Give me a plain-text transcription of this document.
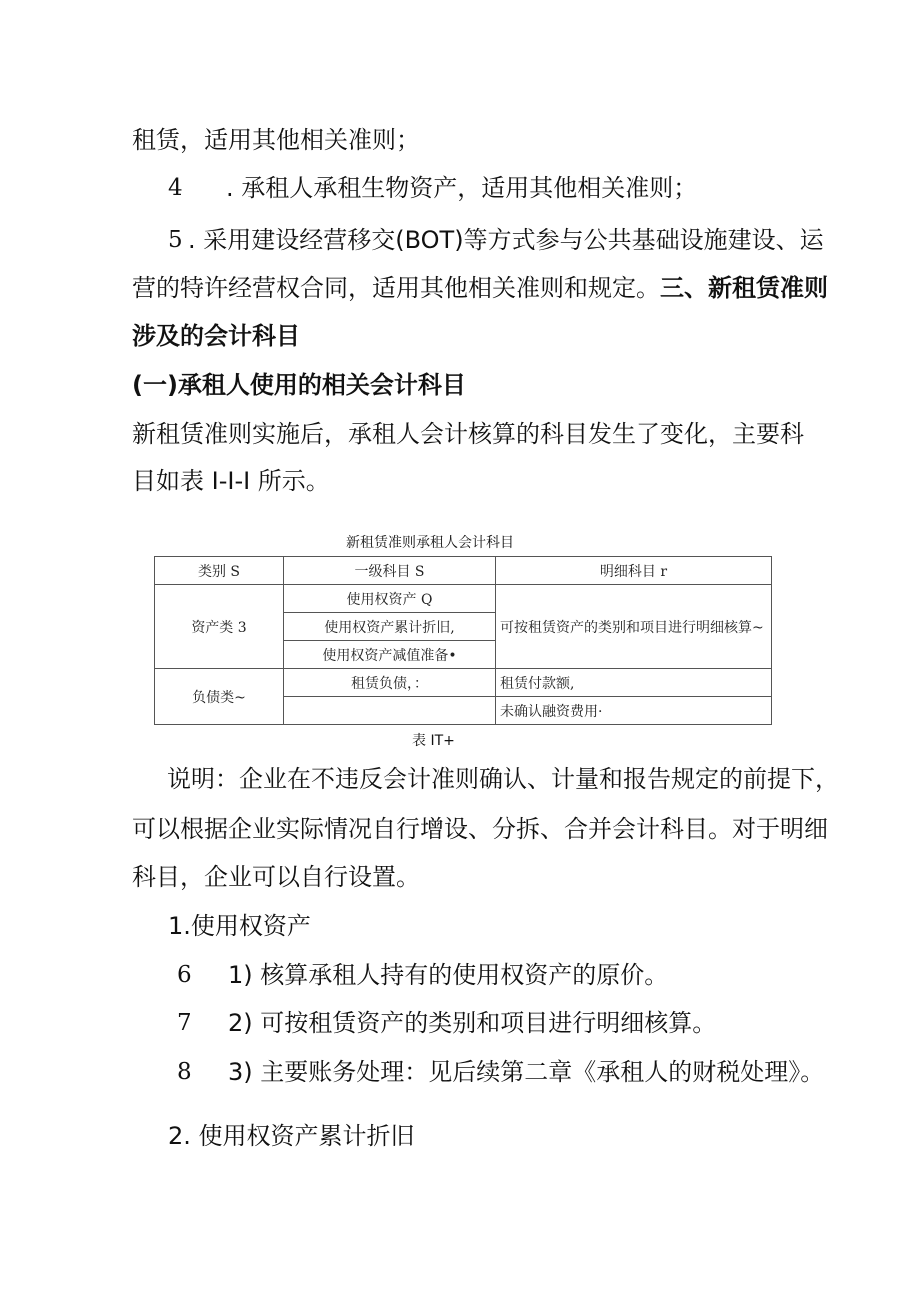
租赁，适用其他相关准则；
4 . 承租人承租生物资产，适用其他相关准则；
5 . 采用建设经营移交(BOT)等方式参与公共基础设施建设、运
营的特许经营权合同，适用其他相关准则和规定。三、新租赁准则
涉及的会计科目
(一)承租人使用的相关会计科目
新租赁准则实施后，承租人会计核算的科目发生了变化，主要科
目如表 I-I-I 所示。
新租赁准则承租人会计科目
类别 S	一级科目 S	明细科目 r
资产类 3	使用权资产 Q	可按租赁资产的类别和项目进行明细核算~
	使用权资产累计折旧,	
	使用权资产减值准备•	
负债类~	租赁负债，：	租赁付款额,
		未确认融资费用·
表 IT+
说明：企业在不违反会计准则确认、计量和报告规定的前提下，
可以根据企业实际情况自行增设、分拆、合并会计科目。对于明细
科目，企业可以自行设置。
1.使用权资产
6 1) 核算承租人持有的使用权资产的原价。
7 2) 可按租赁资产的类别和项目进行明细核算。
8 3) 主要账务处理：见后续第二章《承租人的财税处理》。
2. 使用权资产累计折旧
